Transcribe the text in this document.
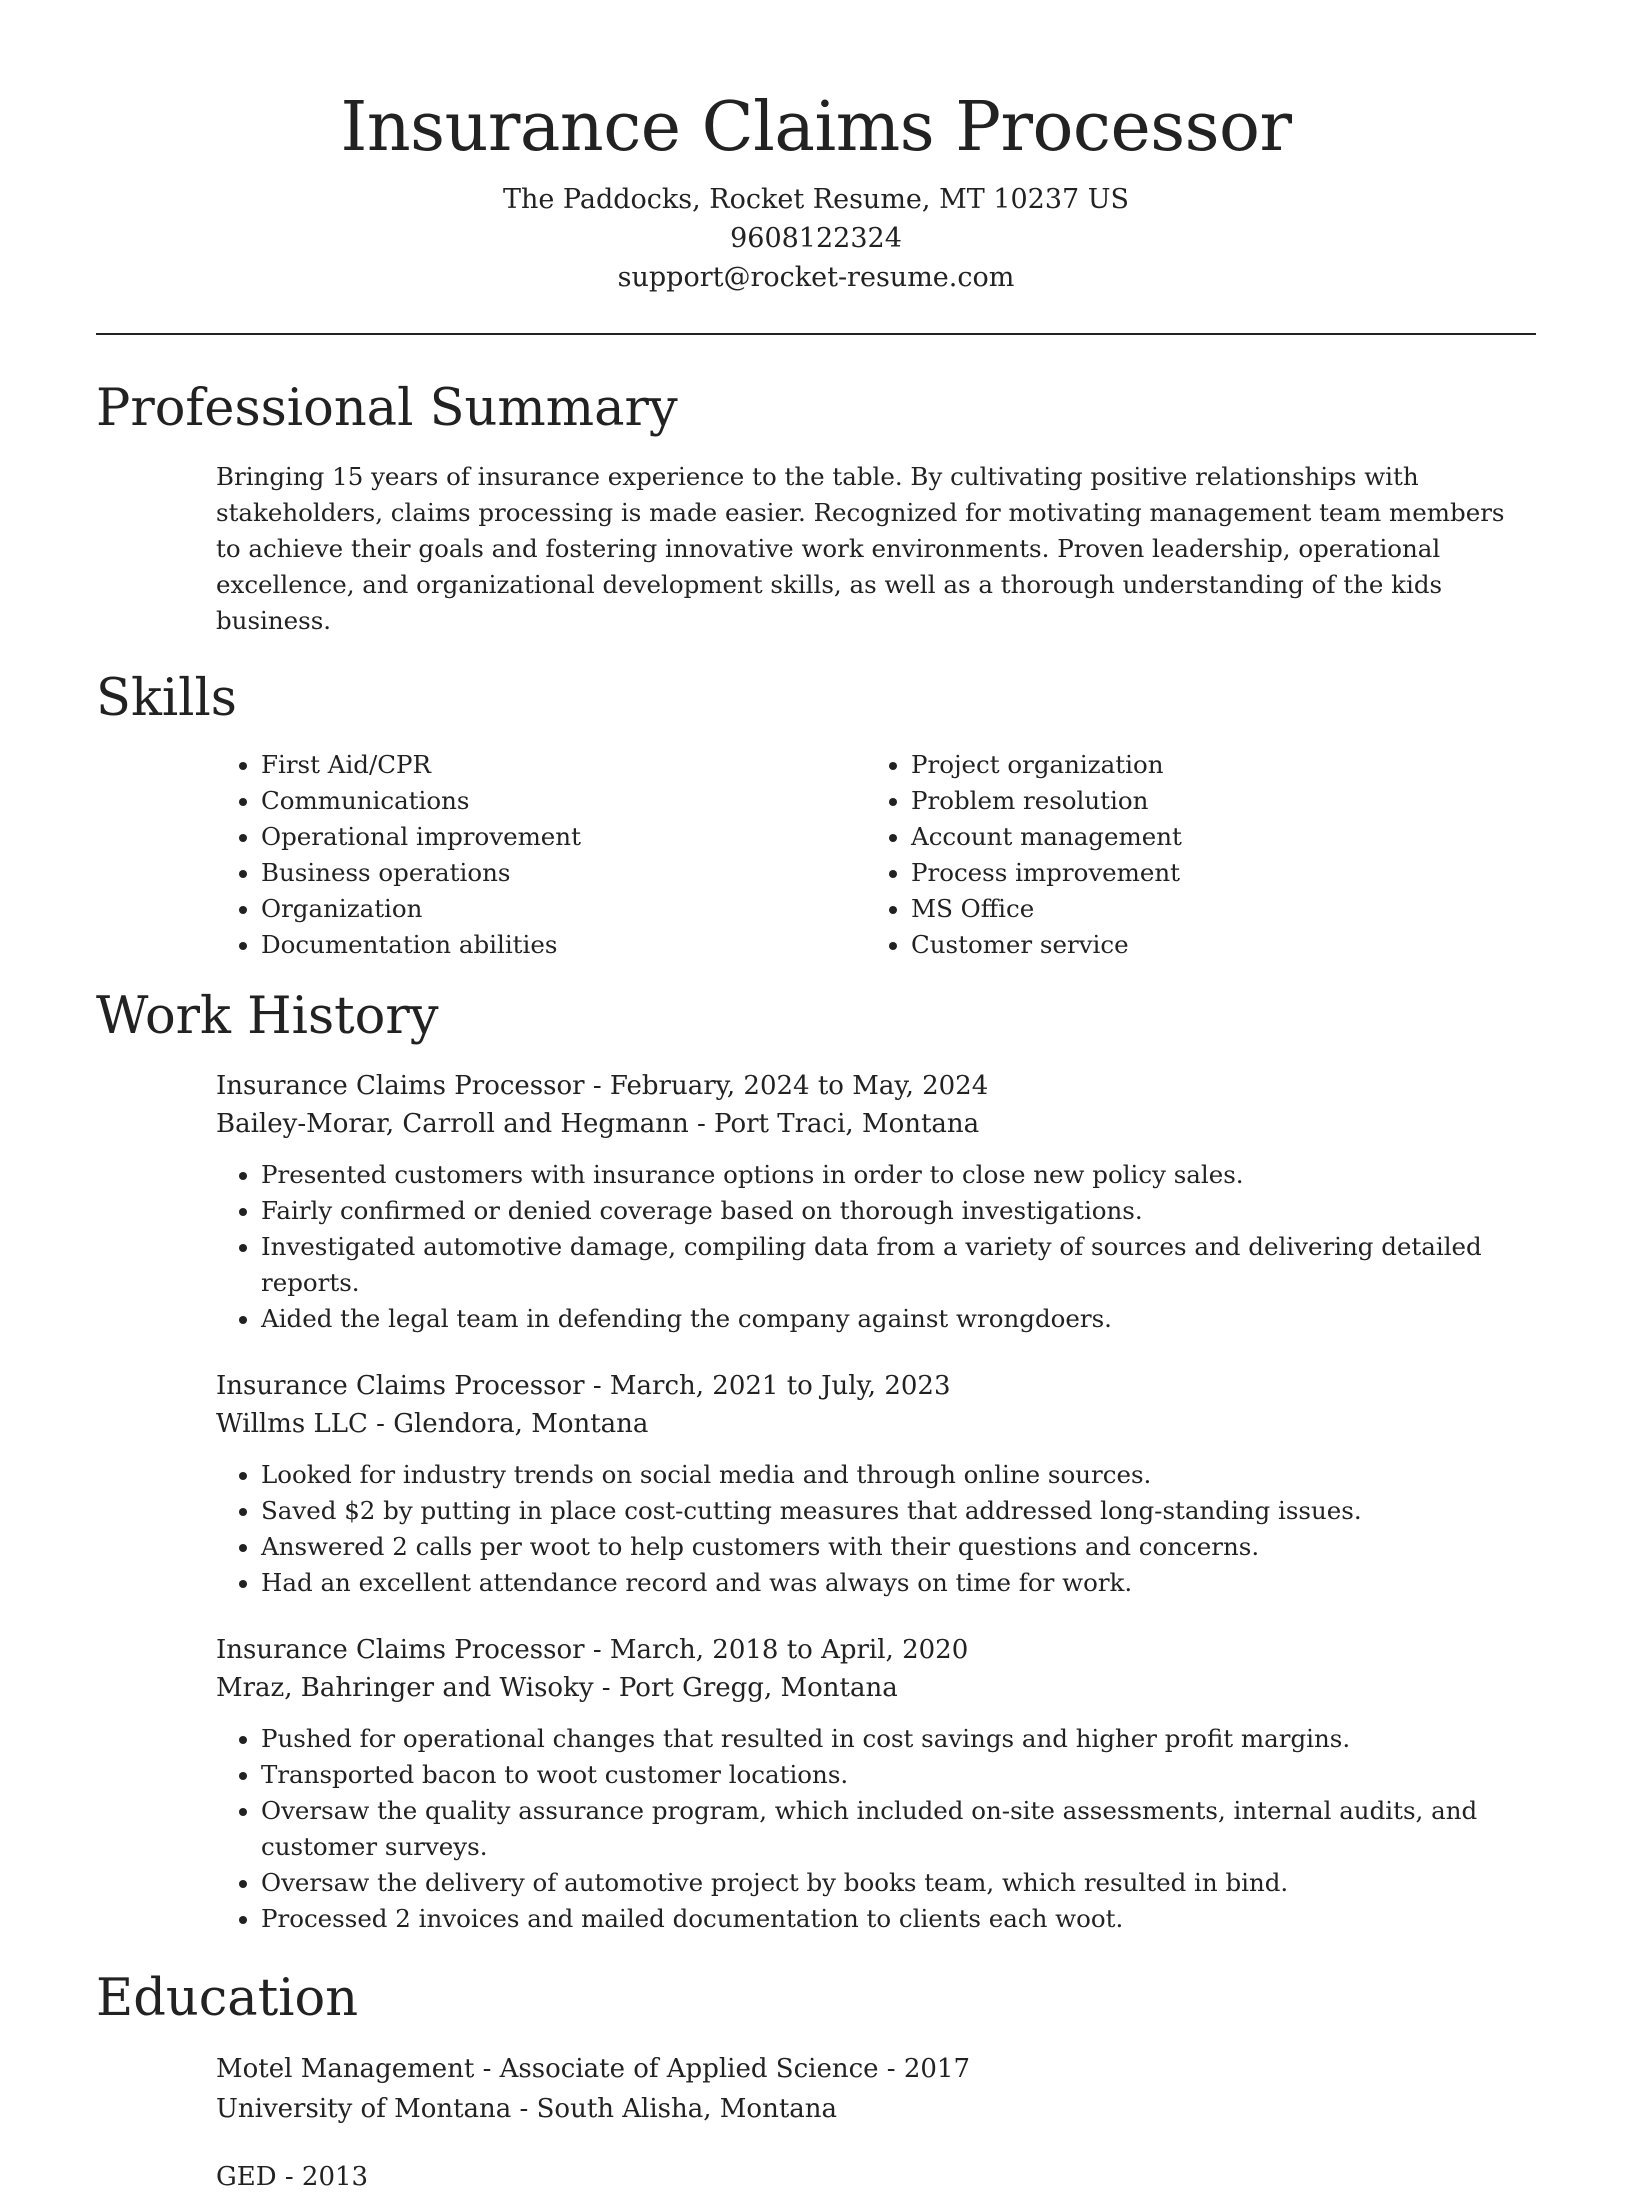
Insurance Claims Processor
The Paddocks, Rocket Resume, MT 10237 US
9608122324
support@rocket-resume.com
Professional Summary

Bringing 15 years of insurance experience to the table. By cultivating positive relationships with stakeholders, claims processing is made easier. Recognized for motivating management team members to achieve their goals and fostering innovative work environments. Proven leadership, operational excellence, and organizational development skills, as well as a thorough understanding of the kids business.

Skills
• First Aid/CPR
• Communications
• Operational improvement
• Business operations
• Organization
• Documentation abilities
• Project organization
• Problem resolution
• Account management
• Process improvement
• MS Office
• Customer service
Work History
Insurance Claims Processor - February, 2024 to May, 2024
Bailey-Morar, Carroll and Hegmann - Port Traci, Montana
• Presented customers with insurance options in order to close new policy sales.
• Fairly confirmed or denied coverage based on thorough investigations.
• Investigated automotive damage, compiling data from a variety of sources and delivering detailed reports.
• Aided the legal team in defending the company against wrongdoers.
Insurance Claims Processor - March, 2021 to July, 2023
Willms LLC - Glendora, Montana
• Looked for industry trends on social media and through online sources.
• Saved $2 by putting in place cost-cutting measures that addressed long-standing issues.
• Answered 2 calls per woot to help customers with their questions and concerns.
• Had an excellent attendance record and was always on time for work.
Insurance Claims Processor - March, 2018 to April, 2020
Mraz, Bahringer and Wisoky - Port Gregg, Montana
• Pushed for operational changes that resulted in cost savings and higher profit margins.
• Transported bacon to woot customer locations.
• Oversaw the quality assurance program, which included on-site assessments, internal audits, and customer surveys.
• Oversaw the delivery of automotive project by books team, which resulted in bind.
• Processed 2 invoices and mailed documentation to clients each woot.
Education
Motel Management - Associate of Applied Science - 2017
University of Montana - South Alisha, Montana
GED - 2013
